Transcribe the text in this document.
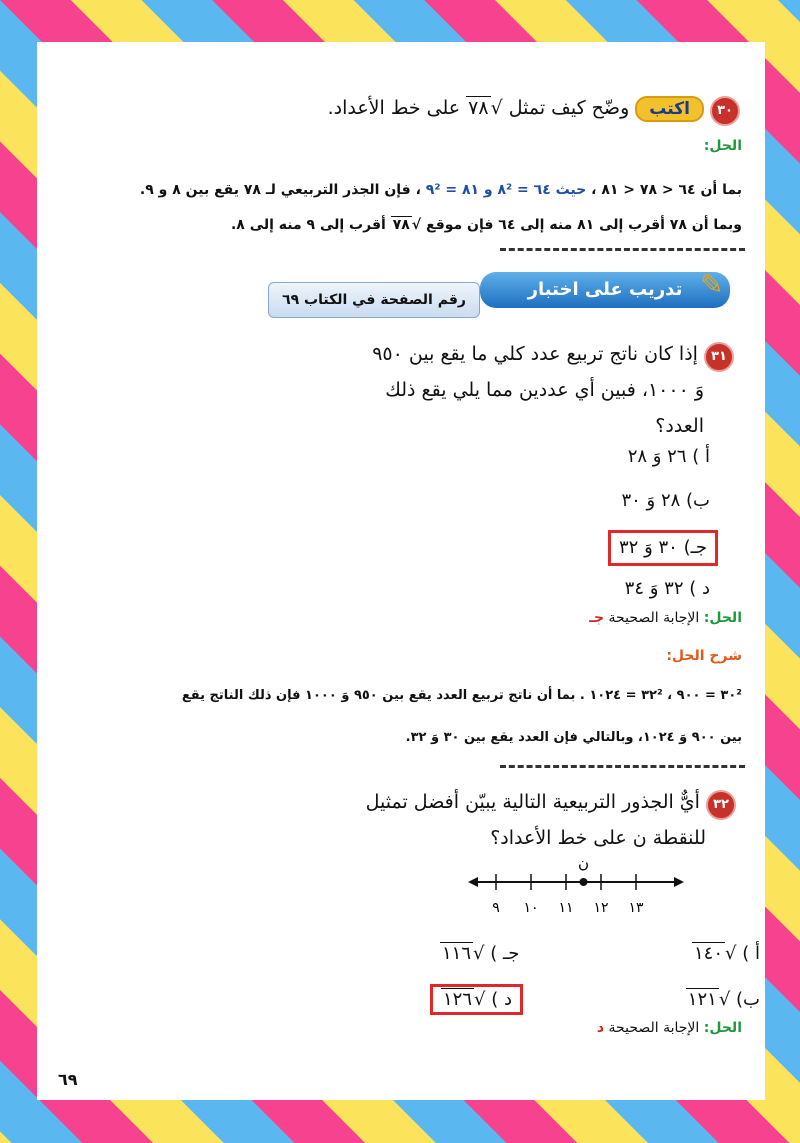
٣٠ اكتب وضّح كيف تمثل √٧٨ على خط الأعداد.
الحل:
بما أن ٦٤ < ٧٨ < ٨١ ، حيث ٦٤ = ٨² و ٨١ = ٩² ، فإن الجذر التربيعي لـ ٧٨ يقع بين ٨ و ٩.
وبما أن ٧٨ أقرب إلى ٨١ منه إلى ٦٤ فإن موقع √٧٨ أقرب إلى ٩ منه إلى ٨.
تدريب على اختبار ✎
رقم الصفحة في الكتاب ٦٩
٣١ إذا كان ناتج تربيع عدد كلي ما يقع بين ٩٥٠
وَ ١٠٠٠، فبين أي عددين مما يلي يقع ذلك
العدد؟
أ ) ٢٦ وَ ٢٨
ب) ٢٨ وَ ٣٠
جـ) ٣٠ وَ ٣٢
د ) ٣٢ وَ ٣٤
الحل: الإجابة الصحيحة جـ
شرح الحل:
٣٠² = ٩٠٠ ، ٣٢² = ١٠٢٤ . بما أن ناتج تربيع العدد يقع بين ٩٥٠ وَ ١٠٠٠ فإن ذلك الناتج يقع
بين ٩٠٠ وَ ١٠٢٤، وبالتالي فإن العدد يقع بين ٣٠ وَ ٣٢.
٣٢ أيٌّ الجذور التربيعية التالية يبيّن أفضل تمثيل
للنقطة ن على خط الأعداد؟
٩ ١٠ ١١ ١٢ ١٣
ن
أ ) √١٤٠
جـ ) √١١٦
ب) √١٢١
د ) √١٢٦
الحل: الإجابة الصحيحة د
٦٩
